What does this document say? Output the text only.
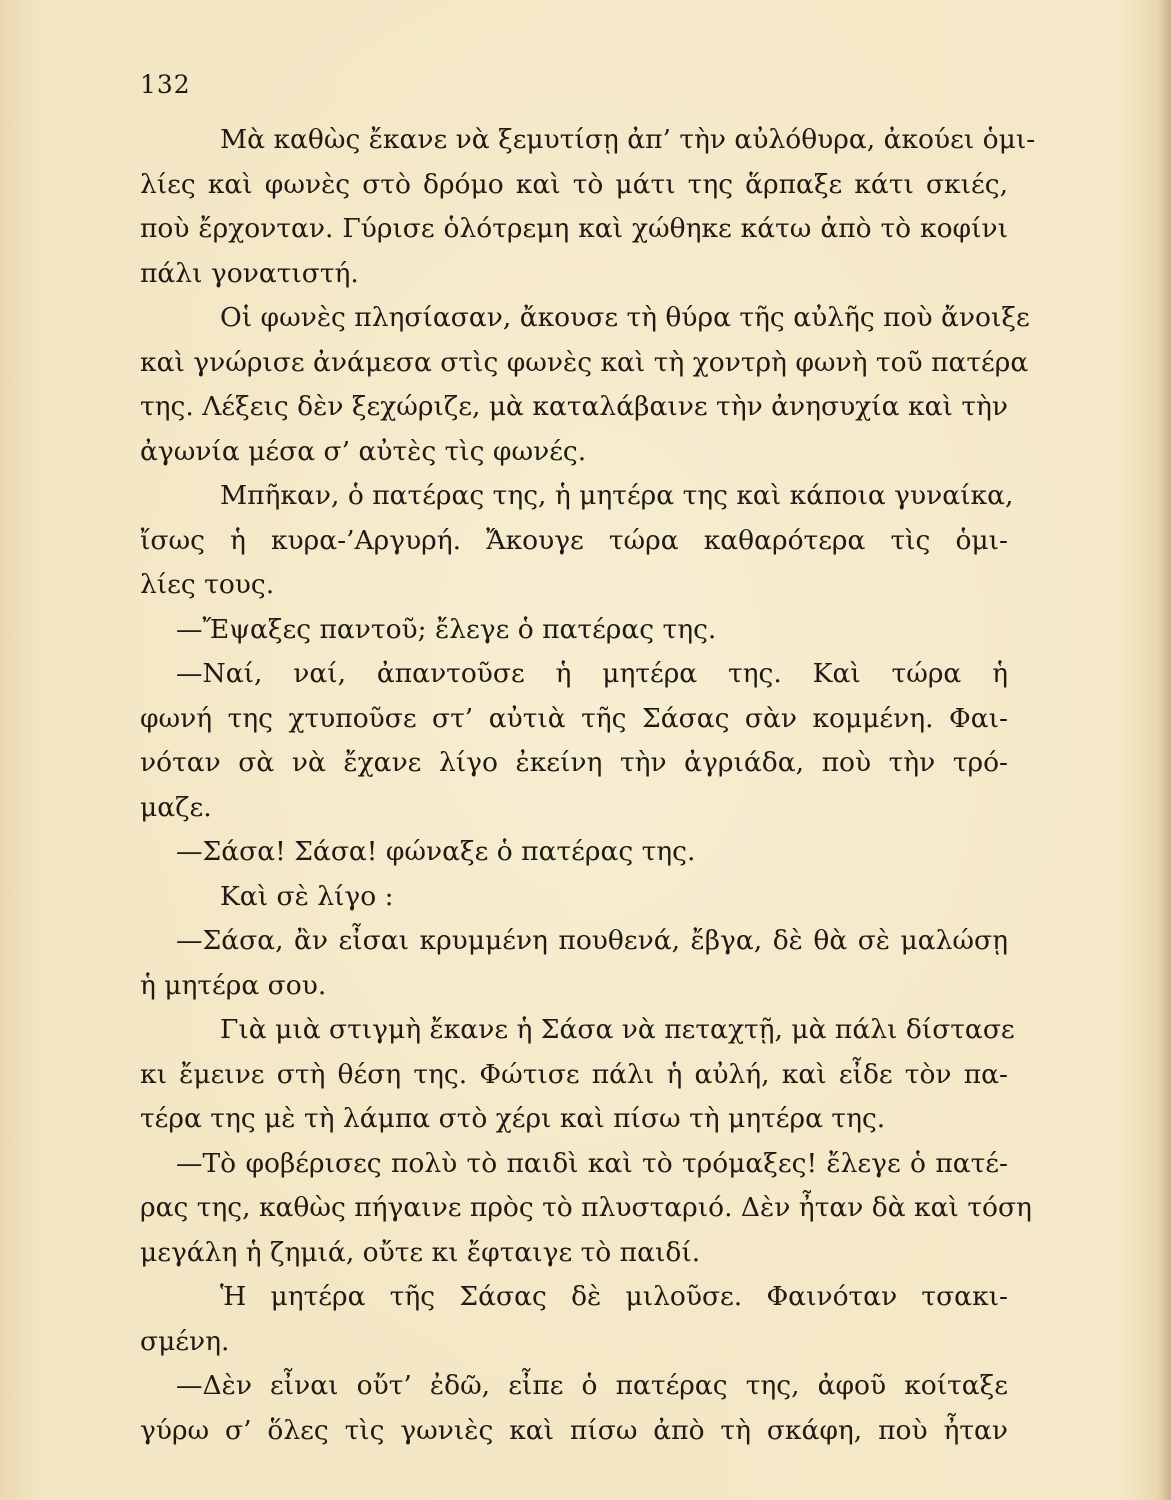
132
Μὰ καθὼς ἔκανε νὰ ξεμυτίσῃ ἀπ’ τὴν αὐλόθυρα, ἀκούει ὁμι-
λίες καὶ φωνὲς στὸ δρόμο καὶ τὸ μάτι της ἅρπαξε κάτι σκιές,
ποὺ ἔρχονταν. Γύρισε ὁλότρεμη καὶ χώθηκε κάτω ἀπὸ τὸ κοφίνι
πάλι γονατιστή.
Οἱ φωνὲς πλησίασαν, ἄκουσε τὴ θύρα τῆς αὐλῆς ποὺ ἄνοιξε
καὶ γνώρισε ἀνάμεσα στὶς φωνὲς καὶ τὴ χοντρὴ φωνὴ τοῦ πατέρα
της. Λέξεις δὲν ξεχώριζε, μὰ καταλάβαινε τὴν ἀνησυχία καὶ τὴν
ἀγωνία μέσα σ’ αὐτὲς τὶς φωνές.
Μπῆκαν, ὁ πατέρας της, ἡ μητέρα της καὶ κάποια γυναίκα,
ἴσως ἡ κυρα-’Αργυρή. Ἄκουγε τώρα καθαρότερα τὶς ὁμι-
λίες τους.
—Ἔψαξες παντοῦ; ἔλεγε ὁ πατέρας της.
—Ναί, ναί, ἀπαντοῦσε ἡ μητέρα της. Καὶ τώρα ἡ
φωνή της χτυποῦσε στ’ αὐτιὰ τῆς Σάσας σὰν κομμένη. Φαι-
νόταν σὰ νὰ ἔχανε λίγο ἐκείνη τὴν ἀγριάδα, ποὺ τὴν τρό-
μαζε.
—Σάσα! Σάσα! φώναξε ὁ πατέρας της.
Καὶ σὲ λίγο :
—Σάσα, ἂν εἶσαι κρυμμένη πουθενά, ἔβγα, δὲ θὰ σὲ μαλώσῃ
ἡ μητέρα σου.
Γιὰ μιὰ στιγμὴ ἔκανε ἡ Σάσα νὰ πεταχτῇ, μὰ πάλι δίστασε
κι ἔμεινε στὴ θέση της. Φώτισε πάλι ἡ αὐλή, καὶ εἶδε τὸν πα-
τέρα της μὲ τὴ λάμπα στὸ χέρι καὶ πίσω τὴ μητέρα της.
—Τὸ φοβέρισες πολὺ τὸ παιδὶ καὶ τὸ τρόμαξες! ἔλεγε ὁ πατέ-
ρας της, καθὼς πήγαινε πρὸς τὸ πλυσταριό. Δὲν ἦταν δὰ καὶ τόση
μεγάλη ἡ ζημιά, οὔτε κι ἔφταιγε τὸ παιδί.
Ἡ μητέρα τῆς Σάσας δὲ μιλοῦσε. Φαινόταν τσακι-
σμένη.
—Δὲν εἶναι οὔτ’ ἐδῶ, εἶπε ὁ πατέρας της, ἀφοῦ κοίταξε
γύρω σ’ ὅλες τὶς γωνιὲς καὶ πίσω ἀπὸ τὴ σκάφη, ποὺ ἦταν
